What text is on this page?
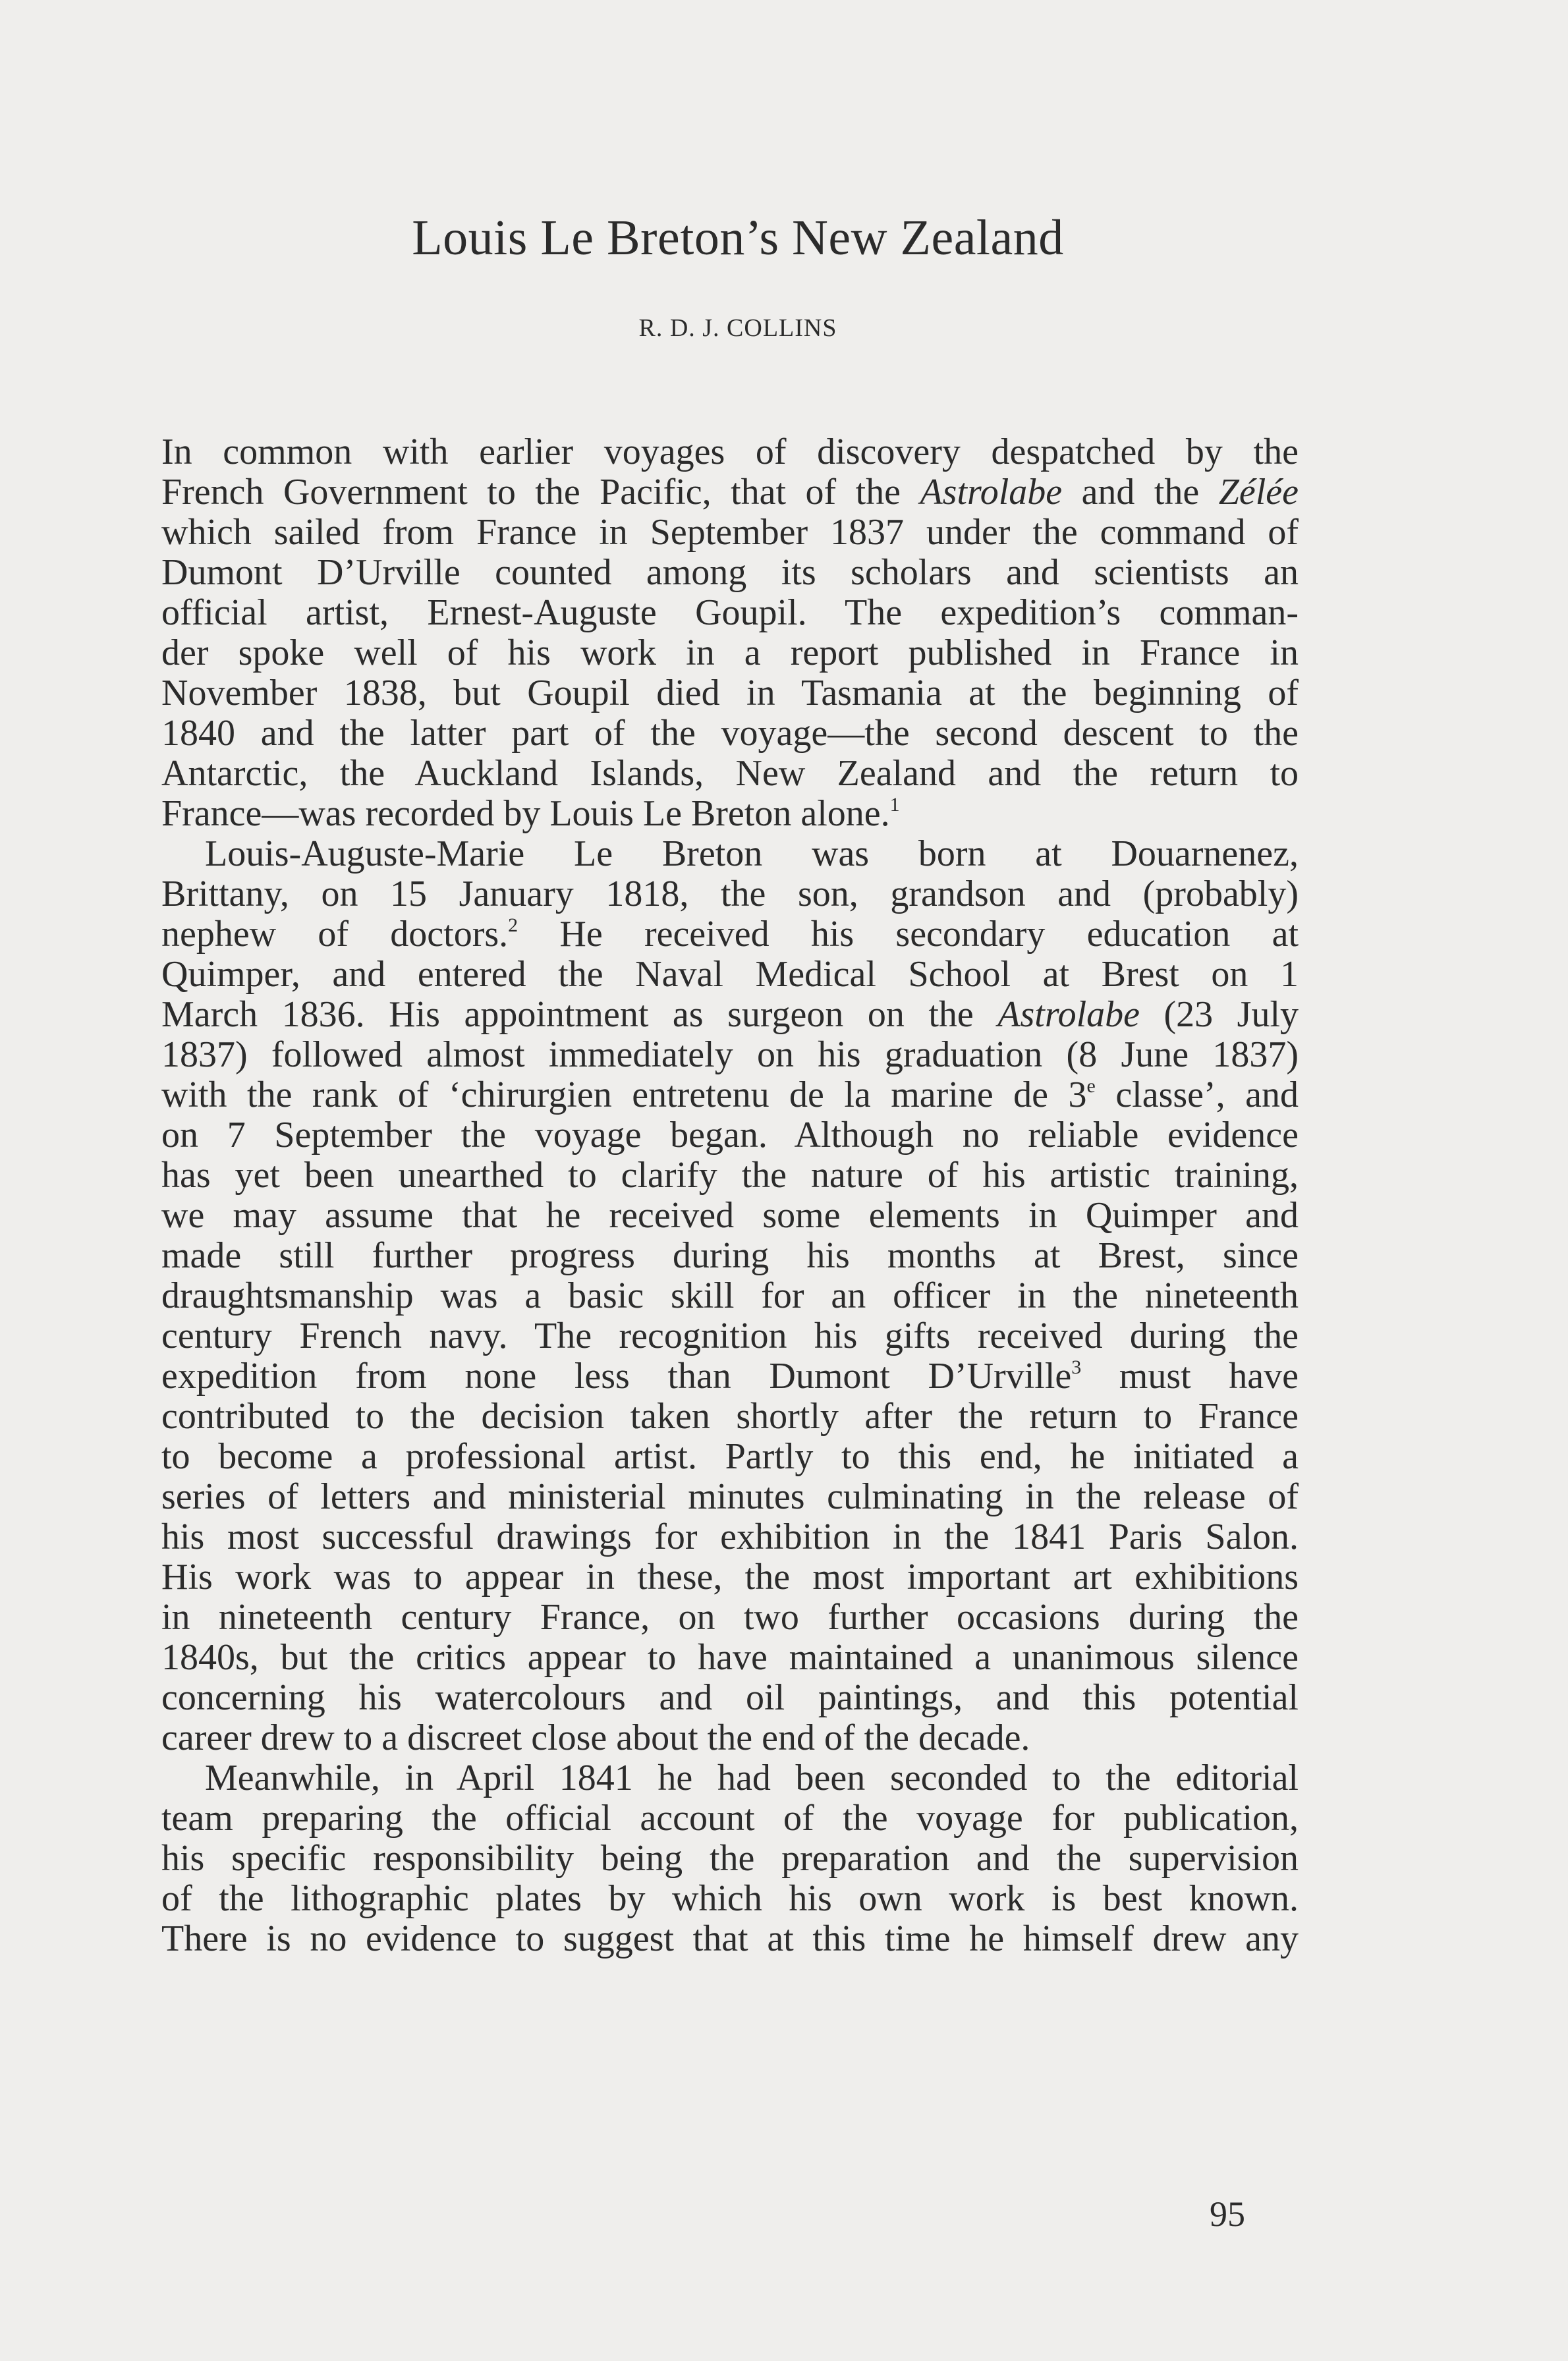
Louis Le Breton’s New Zealand
R. D. J. COLLINS
In common with earlier voyages of discovery despatched by the
French Government to the Pacific, that of the Astrolabe and the Zélée
which sailed from France in September 1837 under the command of
Dumont D’Urville counted among its scholars and scientists an
official artist, Ernest-Auguste Goupil. The expedition’s comman-
der spoke well of his work in a report published in France in
November 1838, but Goupil died in Tasmania at the beginning of
1840 and the latter part of the voyage—the second descent to the
Antarctic, the Auckland Islands, New Zealand and the return to
France—was recorded by Louis Le Breton alone.$^1$
Louis-Auguste-Marie Le Breton was born at Douarnenez,
Brittany, on 15 January 1818, the son, grandson and (probably)
nephew of doctors.$^2$ He received his secondary education at
Quimper, and entered the Naval Medical School at Brest on 1
March 1836. His appointment as surgeon on the Astrolabe (23 July
1837) followed almost immediately on his graduation (8 June 1837)
with the rank of ‘chirurgien entretenu de la marine de 3e classe’, and
on 7 September the voyage began. Although no reliable evidence
has yet been unearthed to clarify the nature of his artistic training,
we may assume that he received some elements in Quimper and
made still further progress during his months at Brest, since
draughtsmanship was a basic skill for an officer in the nineteenth
century French navy. The recognition his gifts received during the
expedition from none less than Dumont D’Urville$^3$ must have
contributed to the decision taken shortly after the return to France
to become a professional artist. Partly to this end, he initiated a
series of letters and ministerial minutes culminating in the release of
his most successful drawings for exhibition in the 1841 Paris Salon.
His work was to appear in these, the most important art exhibitions
in nineteenth century France, on two further occasions during the
1840s, but the critics appear to have maintained a unanimous silence
concerning his watercolours and oil paintings, and this potential
career drew to a discreet close about the end of the decade.
Meanwhile, in April 1841 he had been seconded to the editorial
team preparing the official account of the voyage for publication,
his specific responsibility being the preparation and the supervision
of the lithographic plates by which his own work is best known.
There is no evidence to suggest that at this time he himself drew any
95
